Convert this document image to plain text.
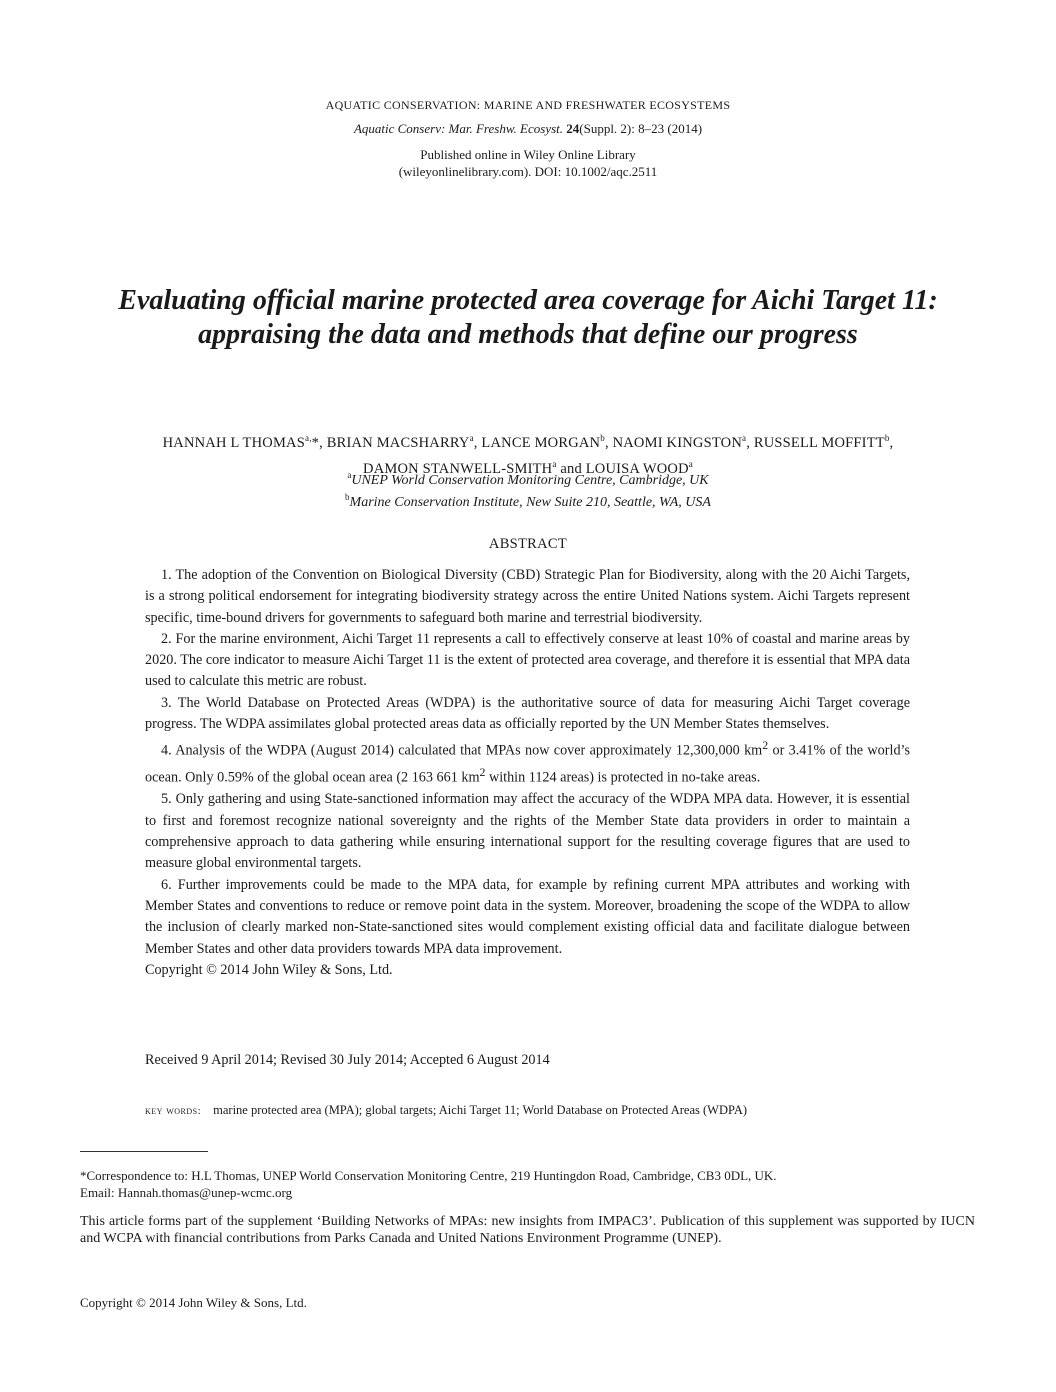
AQUATIC CONSERVATION: MARINE AND FRESHWATER ECOSYSTEMS
Aquatic Conserv: Mar. Freshw. Ecosyst. 24(Suppl. 2): 8–23 (2014)
Published online in Wiley Online Library
(wileyonlinelibrary.com). DOI: 10.1002/aqc.2511
Evaluating official marine protected area coverage for Aichi Target 11: appraising the data and methods that define our progress
HANNAH L $THOMAS^{a,}*$, BRIAN MACSHARRY$^a$, LANCE MORGAN$^b$, NAOMI KINGSTON$^a$, RUSSELL MOFFITT$^b$,
DAMON STANWELL-SMITH$^a$ and LOUISA WOOD$^a$
$^a$UNEP World Conservation Monitoring Centre, Cambridge, UK
$^b$Marine Conservation Institute, New Suite 210, Seattle, WA, USA
ABSTRACT

1. The adoption of the Convention on Biological Diversity (CBD) Strategic Plan for Biodiversity, along with the 20 Aichi Targets, is a strong political endorsement for integrating biodiversity strategy across the entire United Nations system. Aichi Targets represent specific, time-bound drivers for governments to safeguard both marine and terrestrial biodiversity.

2. For the marine environment, Aichi Target 11 represents a call to effectively conserve at least 10% of coastal and marine areas by 2020. The core indicator to measure Aichi Target 11 is the extent of protected area coverage, and therefore it is essential that MPA data used to calculate this metric are robust.

3. The World Database on Protected Areas (WDPA) is the authoritative source of data for measuring Aichi Target coverage progress. The WDPA assimilates global protected areas data as officially reported by the UN Member States themselves.

4. Analysis of the WDPA (August 2014) calculated that MPAs now cover approximately 12,300,000 $km^2$ or 3.41% of the world’s ocean. Only 0.59% of the global ocean area (2 163 661 $km^2$ within 1124 areas) is protected in no-take areas.

5. Only gathering and using State-sanctioned information may affect the accuracy of the WDPA MPA data. However, it is essential to first and foremost recognize national sovereignty and the rights of the Member State data providers in order to maintain a comprehensive approach to data gathering while ensuring international support for the resulting coverage figures that are used to measure global environmental targets.

6. Further improvements could be made to the MPA data, for example by refining current MPA attributes and working with Member States and conventions to reduce or remove point data in the system. Moreover, broadening the scope of the WDPA to allow the inclusion of clearly marked non-State-sanctioned sites would complement existing official data and facilitate dialogue between Member States and other data providers towards MPA data improvement.

Copyright © 2014 John Wiley & Sons, Ltd.

Received 9 April 2014; Revised 30 July 2014; Accepted 6 August 2014
key words: marine protected area (MPA); global targets; Aichi Target 11; World Database on Protected Areas (WDPA)
*Correspondence to: H.L Thomas, UNEP World Conservation Monitoring Centre, 219 Huntingdon Road, Cambridge, CB3 0DL, UK.
Email: Hannah.thomas@unep-wcmc.org
This article forms part of the supplement ‘Building Networks of MPAs: new insights from IMPAC3’. Publication of this supplement was supported by IUCN and WCPA with financial contributions from Parks Canada and United Nations Environment Programme (UNEP).
Copyright © 2014 John Wiley & Sons, Ltd.
